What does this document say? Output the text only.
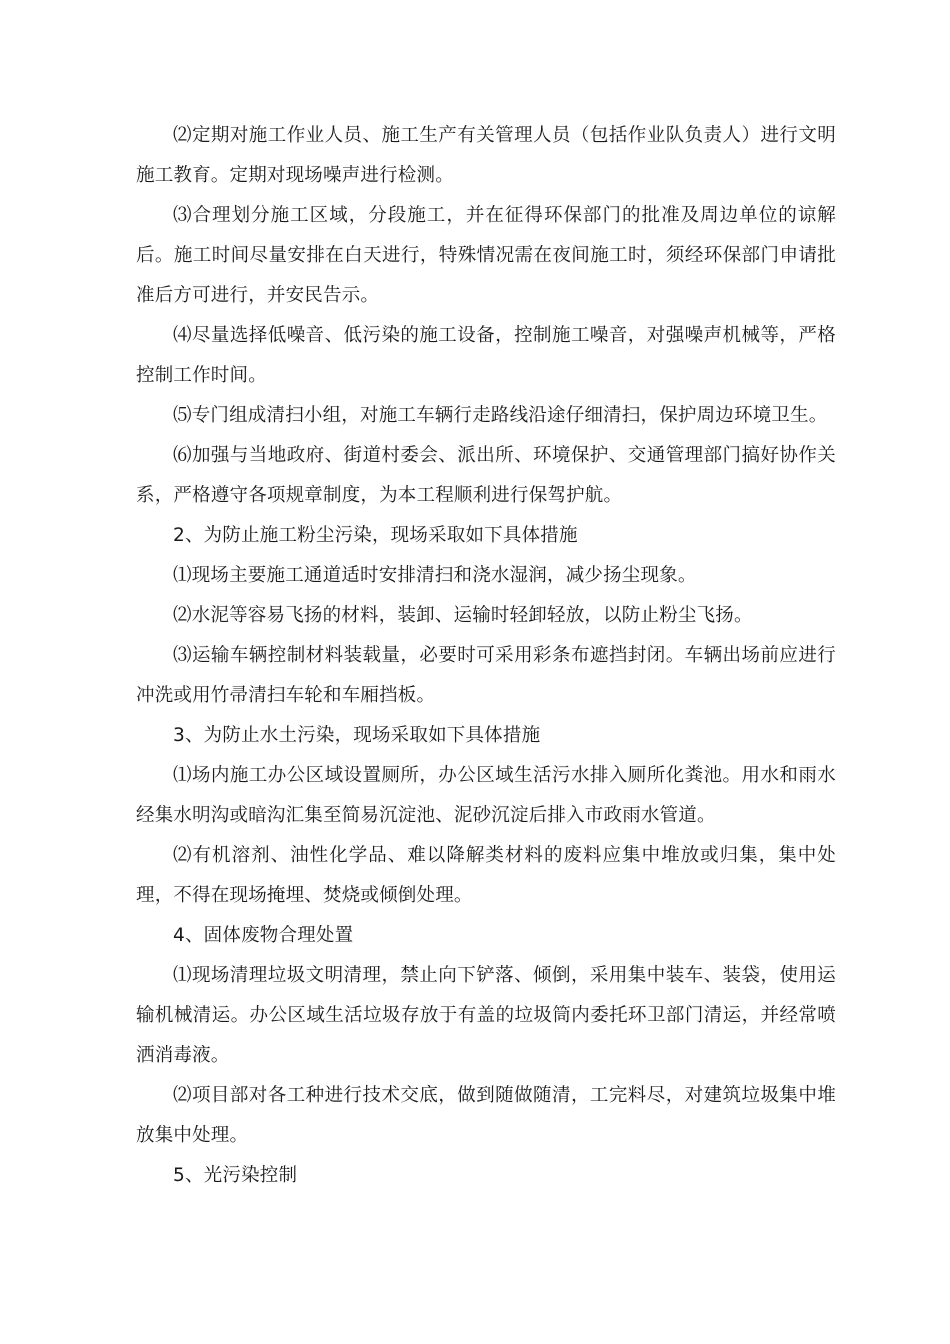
⑵定期对施工作业人员、施工生产有关管理人员（包括作业队负责人）进行文明施工教育。定期对现场噪声进行检测。

⑶合理划分施工区域，分段施工，并在征得环保部门的批准及周边单位的谅解后。施工时间尽量安排在白天进行，特殊情况需在夜间施工时，须经环保部门申请批准后方可进行，并安民告示。

⑷尽量选择低噪音、低污染的施工设备，控制施工噪音，对强噪声机械等，严格控制工作时间。

⑸专门组成清扫小组，对施工车辆行走路线沿途仔细清扫，保护周边环境卫生。

⑹加强与当地政府、街道村委会、派出所、环境保护、交通管理部门搞好协作关系，严格遵守各项规章制度，为本工程顺利进行保驾护航。

2、为防止施工粉尘污染，现场采取如下具体措施

⑴现场主要施工通道适时安排清扫和浇水湿润，减少扬尘现象。

⑵水泥等容易飞扬的材料，装卸、运输时轻卸轻放，以防止粉尘飞扬。

⑶运输车辆控制材料装载量，必要时可采用彩条布遮挡封闭。车辆出场前应进行冲洗或用竹帚清扫车轮和车厢挡板。

3、为防止水土污染，现场采取如下具体措施

⑴场内施工办公区域设置厕所，办公区域生活污水排入厕所化粪池。用水和雨水经集水明沟或暗沟汇集至简易沉淀池、泥砂沉淀后排入市政雨水管道。

⑵有机溶剂、油性化学品、难以降解类材料的废料应集中堆放或归集，集中处理，不得在现场掩埋、焚烧或倾倒处理。

4、固体废物合理处置

⑴现场清理垃圾文明清理，禁止向下铲落、倾倒，采用集中装车、装袋，使用运输机械清运。办公区域生活垃圾存放于有盖的垃圾筒内委托环卫部门清运，并经常喷洒消毒液。

⑵项目部对各工种进行技术交底，做到随做随清，工完料尽，对建筑垃圾集中堆放集中处理。

5、光污染控制
